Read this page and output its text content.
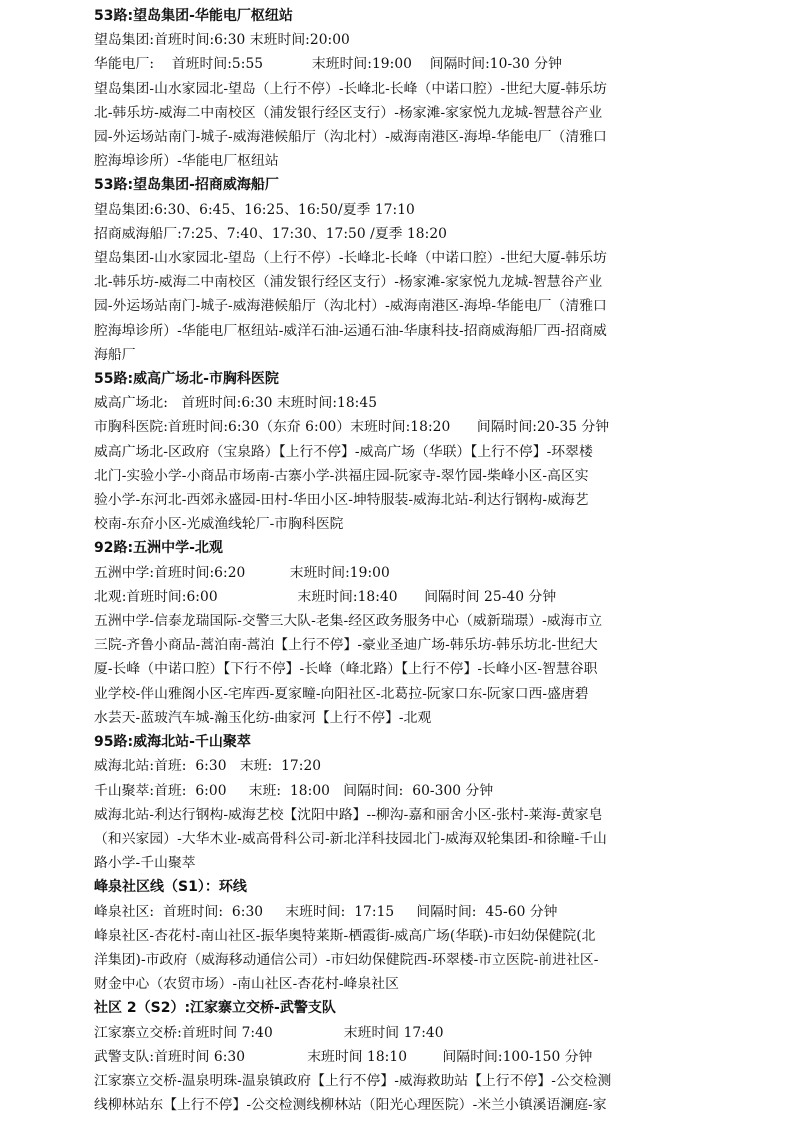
53路:望岛集团-华能电厂枢纽站
望岛集团:首班时间:6:30 末班时间:20:00
华能电厂:    首班时间:5:55           末班时间:19:00    间隔时间:10-30 分钟
望岛集团-山水家园北-望岛（上行不停）-长峰北-长峰（中诺口腔）-世纪大厦-韩乐坊
北-韩乐坊-威海二中南校区（浦发银行经区支行）-杨家滩-家家悦九龙城-智慧谷产业
园-外运场站南门-城子-威海港候船厅（沟北村）-威海南港区-海埠-华能电厂（清雅口
腔海埠诊所）-华能电厂枢纽站
53路:望岛集团-招商威海船厂
望岛集团:6:30、6:45、16:25、16:50/夏季 17:10
招商威海船厂:7:25、7:40、17:30、17:50 /夏季 18:20
望岛集团-山水家园北-望岛（上行不停）-长峰北-长峰（中诺口腔）-世纪大厦-韩乐坊
北-韩乐坊-威海二中南校区（浦发银行经区支行）-杨家滩-家家悦九龙城-智慧谷产业
园-外运场站南门-城子-威海港候船厅（沟北村）-威海南港区-海埠-华能电厂（清雅口
腔海埠诊所）-华能电厂枢纽站-威洋石油-运通石油-华康科技-招商威海船厂西-招商威
海船厂
55路:威高广场北-市胸科医院
威高广场北:   首班时间:6:30 末班时间:18:45
市胸科医院:首班时间:6:30（东夼 6:00）末班时间:18:20      间隔时间:20-35 分钟
威高广场北-区政府（宝泉路）【上行不停】-威高广场（华联）【上行不停】-环翠楼
北门-实验小学-小商品市场南-古寨小学-洪福庄园-阮家寺-翠竹园-柴峰小区-高区实
验小学-东河北-西郊永盛园-田村-华田小区-坤特服装-威海北站-利达行钢构-威海艺
校南-东夼小区-光威渔线轮厂-市胸科医院
92路:五洲中学-北观
五洲中学:首班时间:6:20          末班时间:19:00
北观:首班时间:6:00                  末班时间:18:40      间隔时间 25-40 分钟
五洲中学-信泰龙瑞国际-交警三大队-老集-经区政务服务中心（威新瑞璟）-威海市立
三院-齐鲁小商品-蒿泊南-蒿泊【上行不停】-豪业圣迪广场-韩乐坊-韩乐坊北-世纪大
厦-长峰（中诺口腔）【下行不停】-长峰（峰北路）【上行不停】-长峰小区-智慧谷职
业学校-伴山雅阁小区-宅库西-夏家疃-向阳社区-北葛拉-阮家口东-阮家口西-盛唐碧
水芸天-蓝玻汽车城-瀚玉化纺-曲家河【上行不停】-北观
95路:威海北站-千山聚萃
威海北站:首班:  6:30   末班:  17:20
千山聚萃:首班:  6:00     末班:  18:00   间隔时间:  60-300 分钟
威海北站-利达行钢构-威海艺校【沈阳中路】--柳沟-嘉和丽舍小区-张村-莱海-黄家皂
（和兴家园）-大华木业-威高骨科公司-新北洋科技园北门-威海双轮集团-和徐疃-千山
路小学-千山聚萃
峰泉社区线（S1）：环线
峰泉社区:  首班时间:  6:30     末班时间:  17:15     间隔时间:  45-60 分钟
峰泉社区-杏花村-南山社区-振华奥特莱斯-栖霞街-威高广场(华联)-市妇幼保健院(北
洋集团)-市政府（威海移动通信公司）-市妇幼保健院西-环翠楼-市立医院-前进社区-
财金中心（农贸市场）-南山社区-杏花村-峰泉社区
社区 2（S2）:江家寨立交桥-武警支队
江家寨立交桥:首班时间 7:40                末班时间 17:40
武警支队:首班时间 6:30              末班时间 18:10        间隔时间:100-150 分钟
江家寨立交桥-温泉明珠-温泉镇政府【上行不停】-威海救助站【上行不停】-公交检测
线柳林站东【上行不停】-公交检测线柳林站（阳光心理医院）-米兰小镇溪语澜庭-家
